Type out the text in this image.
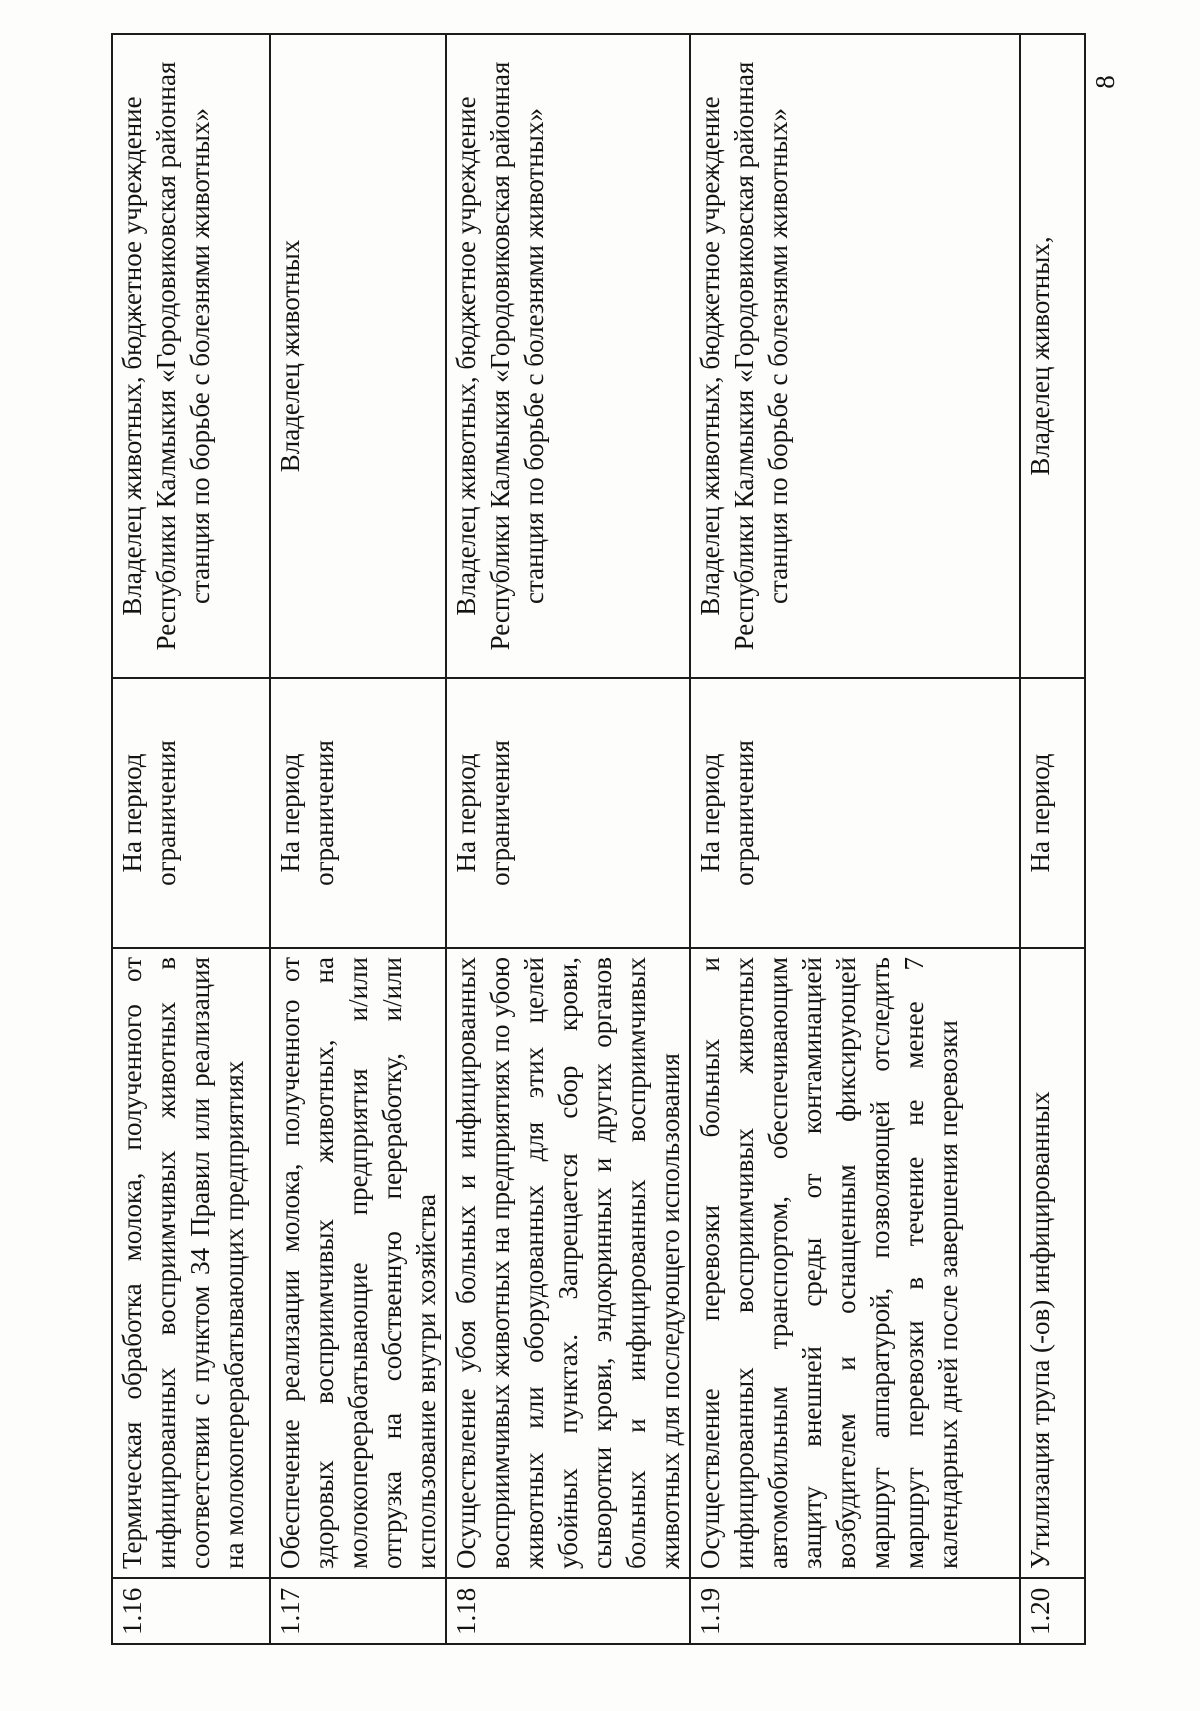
8
1.16	Термическая обработка молока, полученного от инфицированных восприимчивых животных в соответствии с пунктом 34 Правил или реализация на молокоперерабатывающих предприятиях	На период ограничения	Владелец животных, бюджетное учреждение Республики Калмыкия «Городовиковская районная станция по борьбе с болезнями животных»
1.17	Обеспечение реализации молока, полученного от здоровых восприимчивых животных, на молокоперерабатывающие предприятия и/или отгрузка на собственную переработку, и/или использование внутри хозяйства	На период ограничения	Владелец животных
1.18	Осуществление убоя больных и инфицированных восприимчивых животных на предприятиях по убою животных или оборудованных для этих целей убойных пунктах. Запрещается сбор крови, сыворотки крови, эндокринных и других органов больных и инфицированных восприимчивых животных для последующего использования	На период ограничения	Владелец животных, бюджетное учреждение Республики Калмыкия «Городовиковская районная станция по борьбе с болезнями животных»
1.19	Осуществление перевозки больных и инфицированных восприимчивых животных автомобильным транспортом, обеспечивающим защиту внешней среды от контаминацией возбудителем и оснащенным фиксирующей маршрут аппаратурой, позволяющей отследить маршрут перевозки в течение не менее 7 календарных дней после завершения перевозки	На период ограничения	Владелец животных, бюджетное учреждение Республики Калмыкия «Городовиковская районная станция по борьбе с болезнями животных»
1.20	Утилизация трупа (-ов) инфицированных	На период	Владелец животных,
